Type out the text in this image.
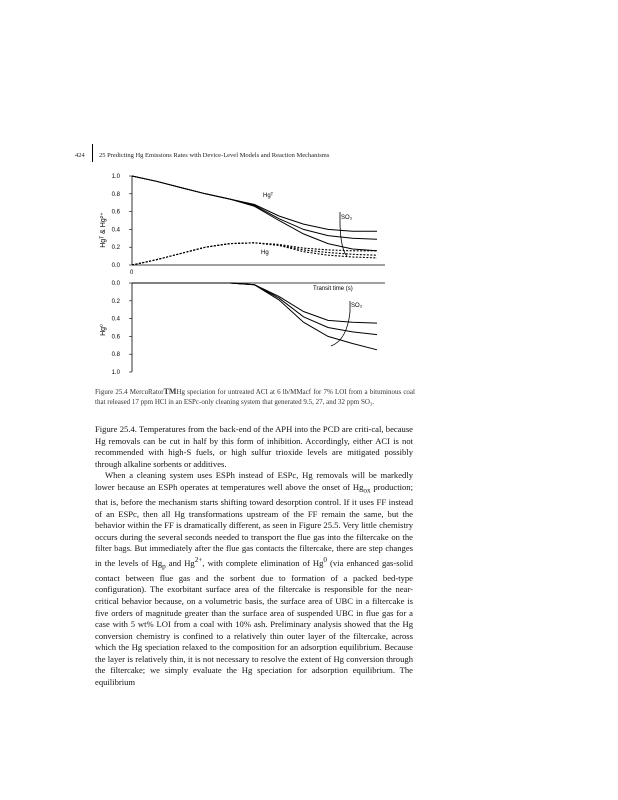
424 25 Predicting Hg Emissions Rates with Device-Level Models and Reaction Mechanisms
1.0
0.8
0.6
0.4
0.2
0.0
Hgᵀ & Hg²⁺
Hgᵀ
Hg
SO₃
0
0.0
0.2
0.4
0.6
0.8
1.0
Hg⁰
Transit time (s)
SO₃
Figure 25.4 MercuRatorTMHg speciation for untreated ACI at 6 lb/MMacf for 7% LOI from a bituminous coal that released 17 ppm HCl in an ESPc-only cleaning system that generated 9.5, 27, and 32 ppm SO₃.

Figure 25.4. Temperatures from the back-end of the APH into the PCD are criti-cal, because Hg removals can be cut in half by this form of inhibition. Accordingly, either ACI is not recommended with high-S fuels, or high sulfur trioxide levels are mitigated possibly through alkaline sorbents or additives.

When a cleaning system uses ESPh instead of ESPc, Hg removals will be markedly lower because an ESPh operates at temperatures well above the onset of $Hg_{ox}$ production; that is, before the mechanism starts shifting toward desorption control. If it uses FF instead of an ESPc, then all Hg transformations upstream of the FF remain the same, but the behavior within the FF is dramatically different, as seen in Figure 25.5. Very little chemistry occurs during the several seconds needed to transport the flue gas into the filtercake on the filter bags. But immediately after the flue gas contacts the filtercake, there are step changes in the levels of $Hg_p$ and $Hg^{2+}$, with complete elimination of Hg$^0$ (via enhanced gas-solid contact between flue gas and the sorbent due to formation of a packed bed-type configuration). The exorbitant surface area of the filtercake is responsible for the near-critical behavior because, on a volumetric basis, the surface area of UBC in a filtercake is five orders of magnitude greater than the surface area of suspended UBC in flue gas for a case with 5 wt% LOI from a coal with 10% ash. Preliminary analysis showed that the Hg conversion chemistry is confined to a relatively thin outer layer of the filtercake, across which the Hg speciation relaxed to the composition for an adsorption equilibrium. Because the layer is relatively thin, it is not necessary to resolve the extent of Hg conversion through the filtercake; we simply evaluate the Hg speciation for adsorption equilibrium. The equilibrium
